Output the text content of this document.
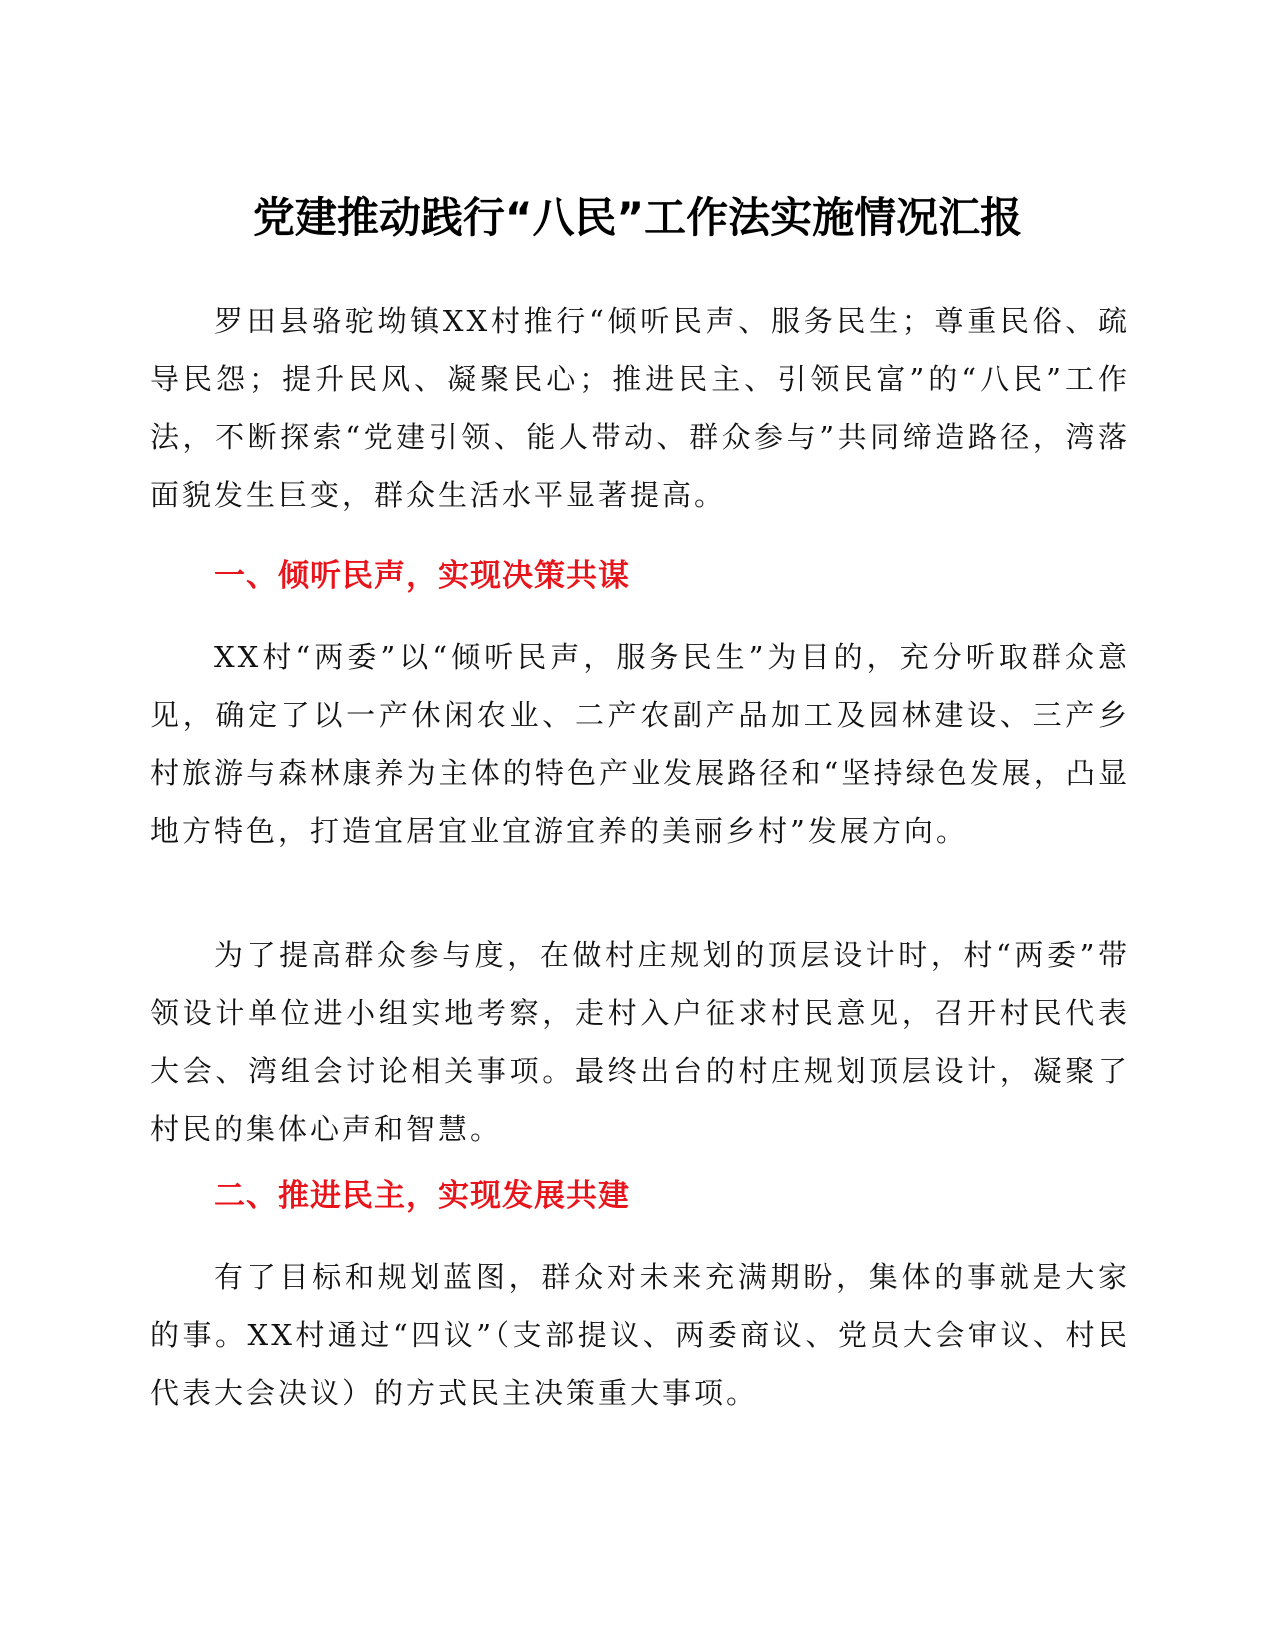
党建推动践行“八民”工作法实施情况汇报

罗田县骆驼坳镇XX村推行“倾听民声、服务民生；尊重民俗、疏导民怨；提升民风、凝聚民心；推进民主、引领民富”的“八民”工作法，不断探索“党建引领、能人带动、群众参与”共同缔造路径，湾落面貌发生巨变，群众生活水平显著提高。

一、倾听民声，实现决策共谋

XX村“两委”以“倾听民声，服务民生”为目的，充分听取群众意见，确定了以一产休闲农业、二产农副产品加工及园林建设、三产乡村旅游与森林康养为主体的特色产业发展路径和“坚持绿色发展，凸显地方特色，打造宜居宜业宜游宜养的美丽乡村”发展方向。

为了提高群众参与度，在做村庄规划的顶层设计时，村“两委”带领设计单位进小组实地考察，走村入户征求村民意见，召开村民代表大会、湾组会讨论相关事项。最终出台的村庄规划顶层设计，凝聚了村民的集体心声和智慧。

二、推进民主，实现发展共建

有了目标和规划蓝图，群众对未来充满期盼，集体的事就是大家的事。XX村通过“四议”（支部提议、两委商议、党员大会审议、村民代表大会决议）的方式民主决策重大事项。
